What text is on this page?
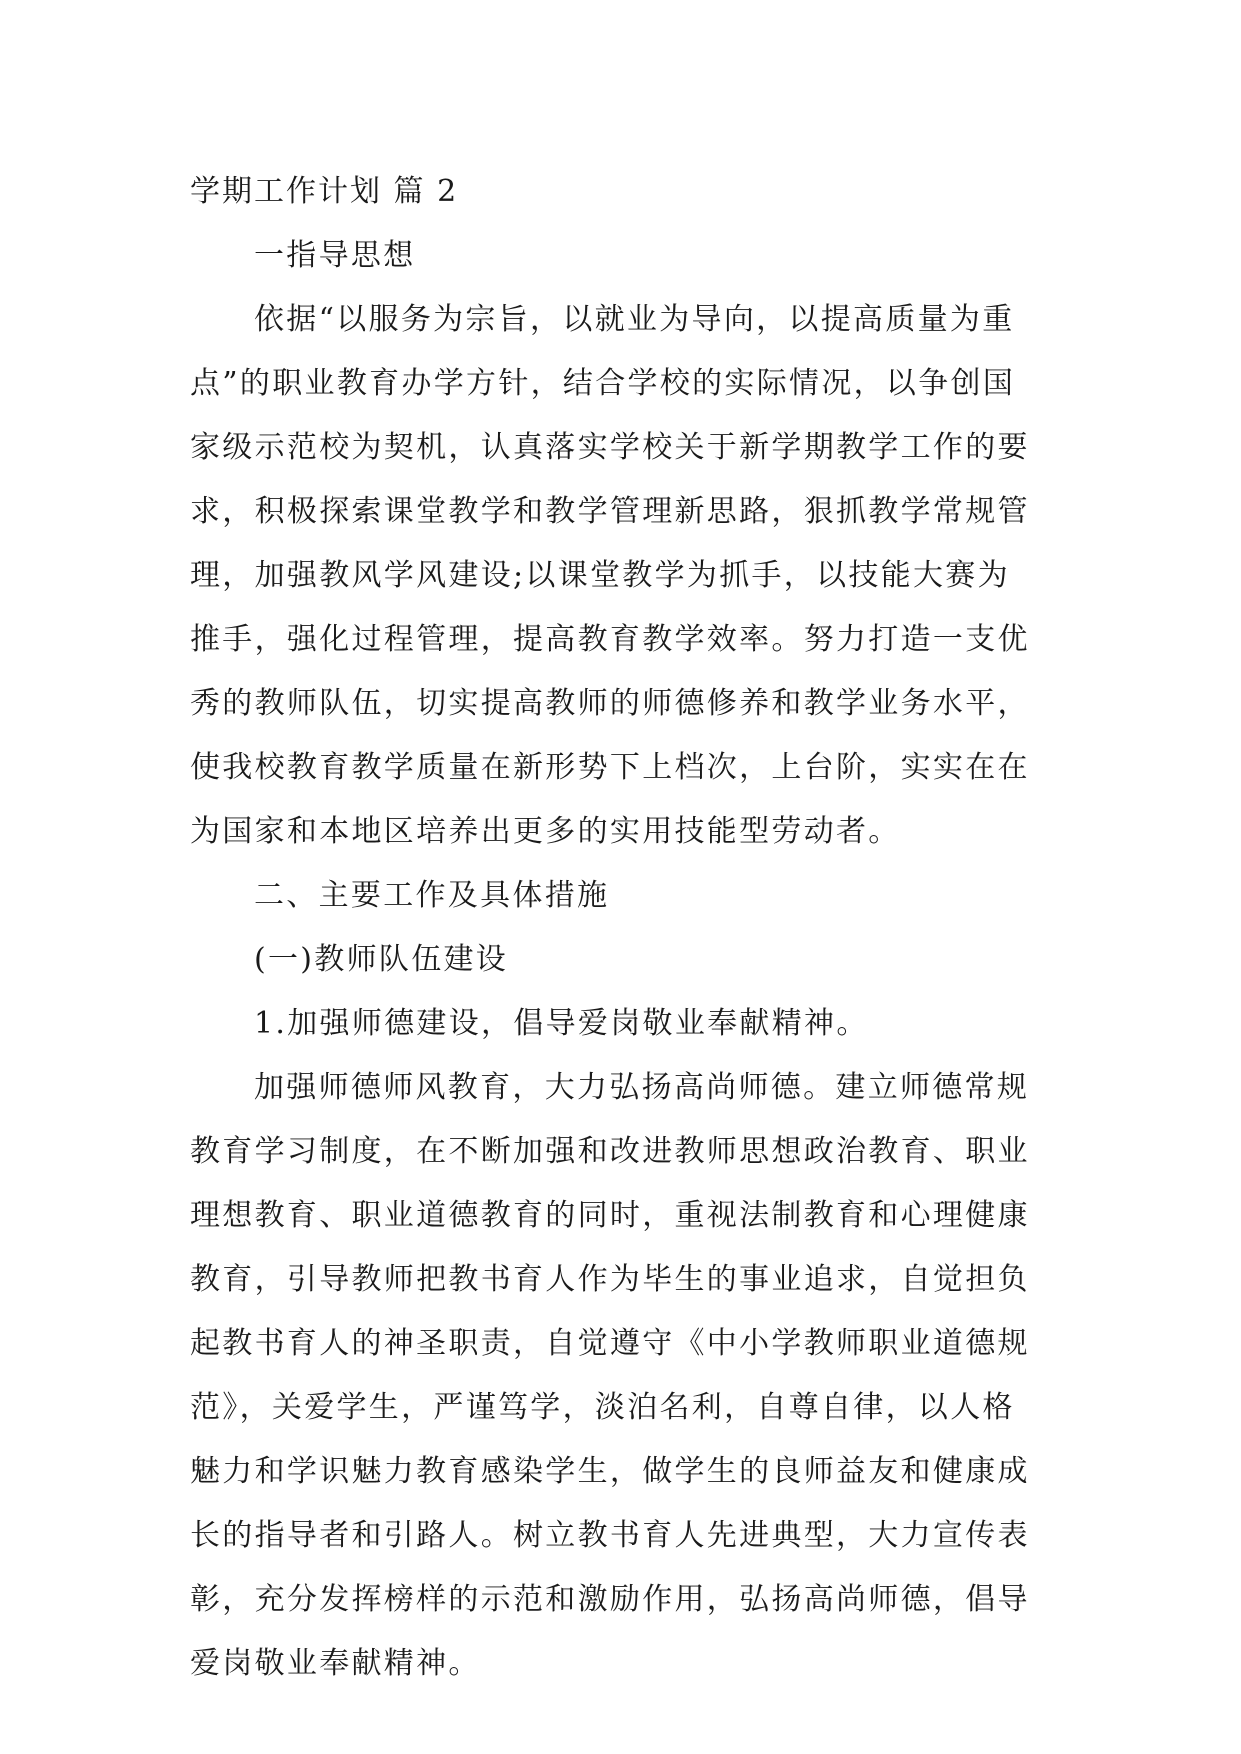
学期工作计划 篇 2
一指导思想
依据“以服务为宗旨，以就业为导向，以提高质量为重
点”的职业教育办学方针，结合学校的实际情况，以争创国
家级示范校为契机，认真落实学校关于新学期教学工作的要
求，积极探索课堂教学和教学管理新思路，狠抓教学常规管
理，加强教风学风建设;以课堂教学为抓手，以技能大赛为
推手，强化过程管理，提高教育教学效率。努力打造一支优
秀的教师队伍，切实提高教师的师德修养和教学业务水平，
使我校教育教学质量在新形势下上档次，上台阶，实实在在
为国家和本地区培养出更多的实用技能型劳动者。
二、主要工作及具体措施
(一)教师队伍建设
1.加强师德建设，倡导爱岗敬业奉献精神。
加强师德师风教育，大力弘扬高尚师德。建立师德常规
教育学习制度，在不断加强和改进教师思想政治教育、职业
理想教育、职业道德教育的同时，重视法制教育和心理健康
教育，引导教师把教书育人作为毕生的事业追求，自觉担负
起教书育人的神圣职责，自觉遵守《中小学教师职业道德规
范》，关爱学生，严谨笃学，淡泊名利，自尊自律，以人格
魅力和学识魅力教育感染学生，做学生的良师益友和健康成
长的指导者和引路人。树立教书育人先进典型，大力宣传表
彰，充分发挥榜样的示范和激励作用，弘扬高尚师德，倡导
爱岗敬业奉献精神。
